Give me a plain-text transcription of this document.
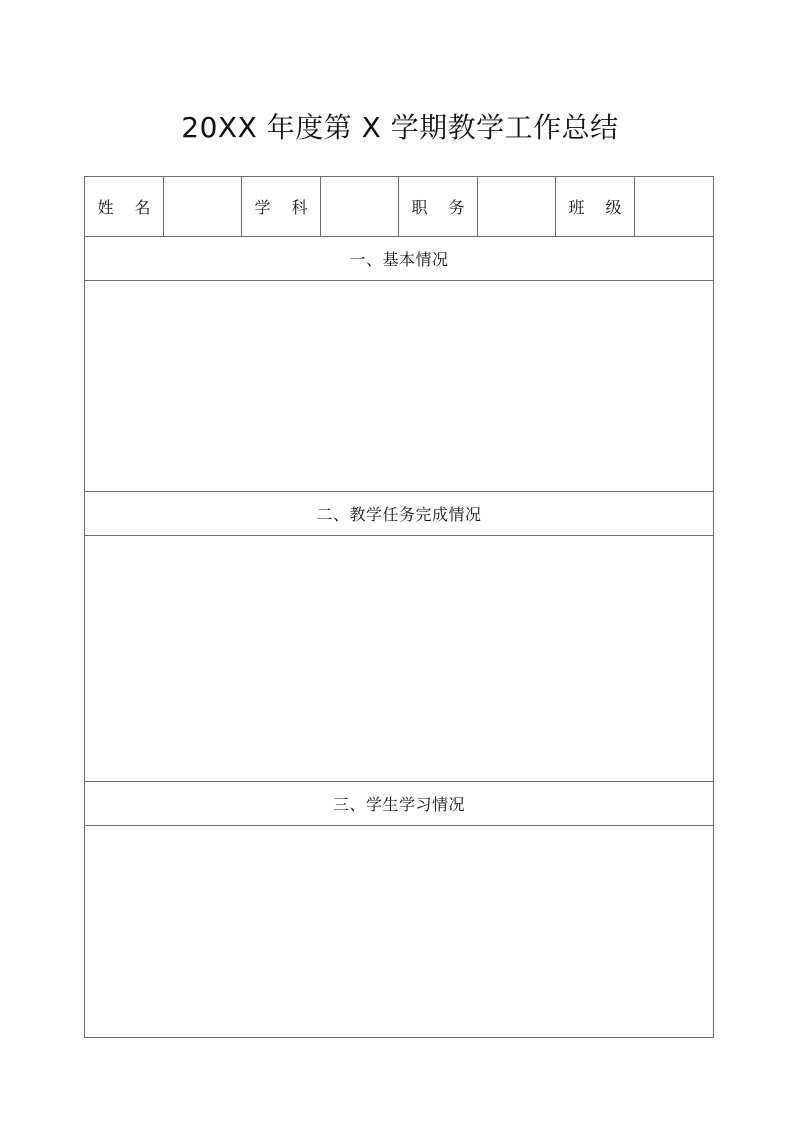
20XX 年度第 X 学期教学工作总结
姓 名		学 科		职 务		班 级	
一、基本情况

二、教学任务完成情况

三、学生学习情况
